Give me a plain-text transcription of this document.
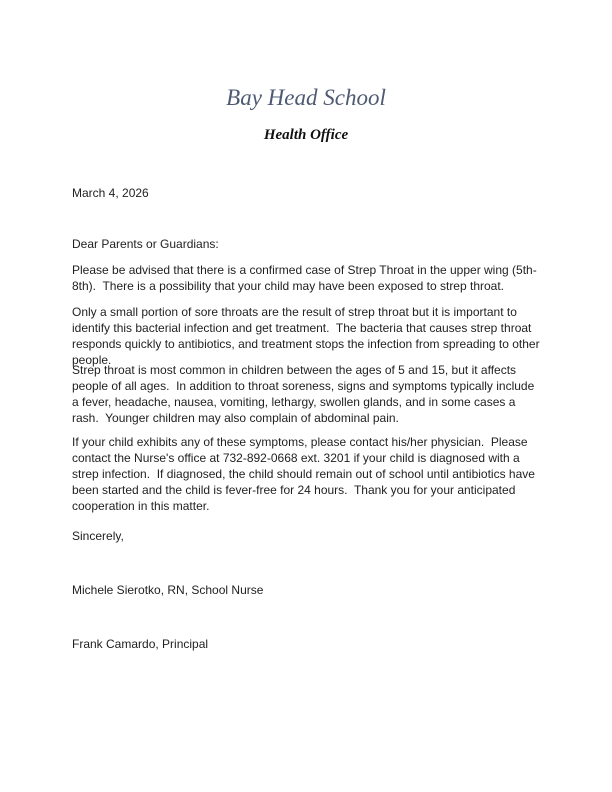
Bay Head School
Health Office

March 4, 2026

Dear Parents or Guardians:

Please be advised that there is a confirmed case of Strep Throat in the upper wing (5th-8th).  There is a possibility that your child may have been exposed to strep throat.

Only a small portion of sore throats are the result of strep throat but it is important to identify this bacterial infection and get treatment.  The bacteria that causes strep throat responds quickly to antibiotics, and treatment stops the infection from spreading to other people.

Strep throat is most common in children between the ages of 5 and 15, but it affects people of all ages.  In addition to throat soreness, signs and symptoms typically include a fever, headache, nausea, vomiting, lethargy, swollen glands, and in some cases a rash.  Younger children may also complain of abdominal pain.

If your child exhibits any of these symptoms, please contact his/her physician.  Please contact the Nurse's office at 732-892-0668 ext. 3201 if your child is diagnosed with a strep infection.  If diagnosed, the child should remain out of school until antibiotics have been started and the child is fever-free for 24 hours.  Thank you for your anticipated cooperation in this matter.

Sincerely,

Michele Sierotko, RN, School Nurse

Frank Camardo, Principal
